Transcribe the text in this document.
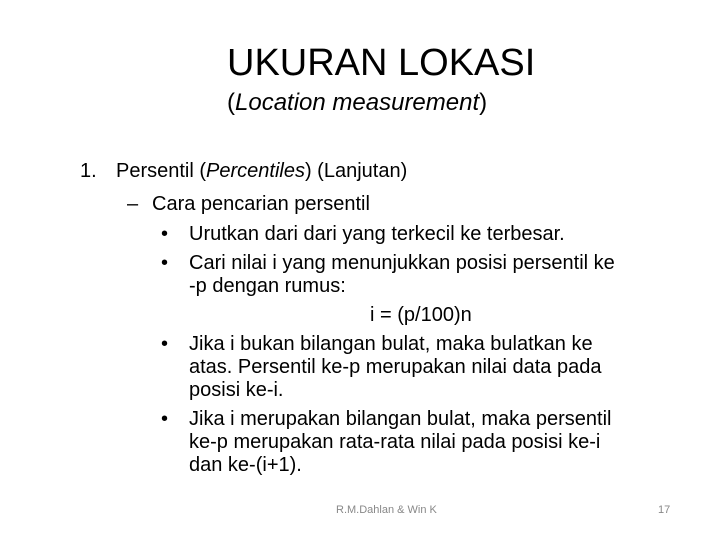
UKURAN LOKASI
(Location measurement)
1. Persentil (Percentiles) (Lanjutan)
– Cara pencarian persentil
• Urutkan dari dari yang terkecil ke terbesar.
• Cari nilai i yang menunjukkan posisi persentil ke
-p dengan rumus:
i = (p/100)n
• Jika i bukan bilangan bulat, maka bulatkan ke
atas. Persentil ke-p merupakan nilai data pada
posisi ke-i.
• Jika i merupakan bilangan bulat, maka persentil
ke-p merupakan rata-rata nilai pada posisi ke-i
dan ke-(i+1).
R.M.Dahlan & Win K	17
